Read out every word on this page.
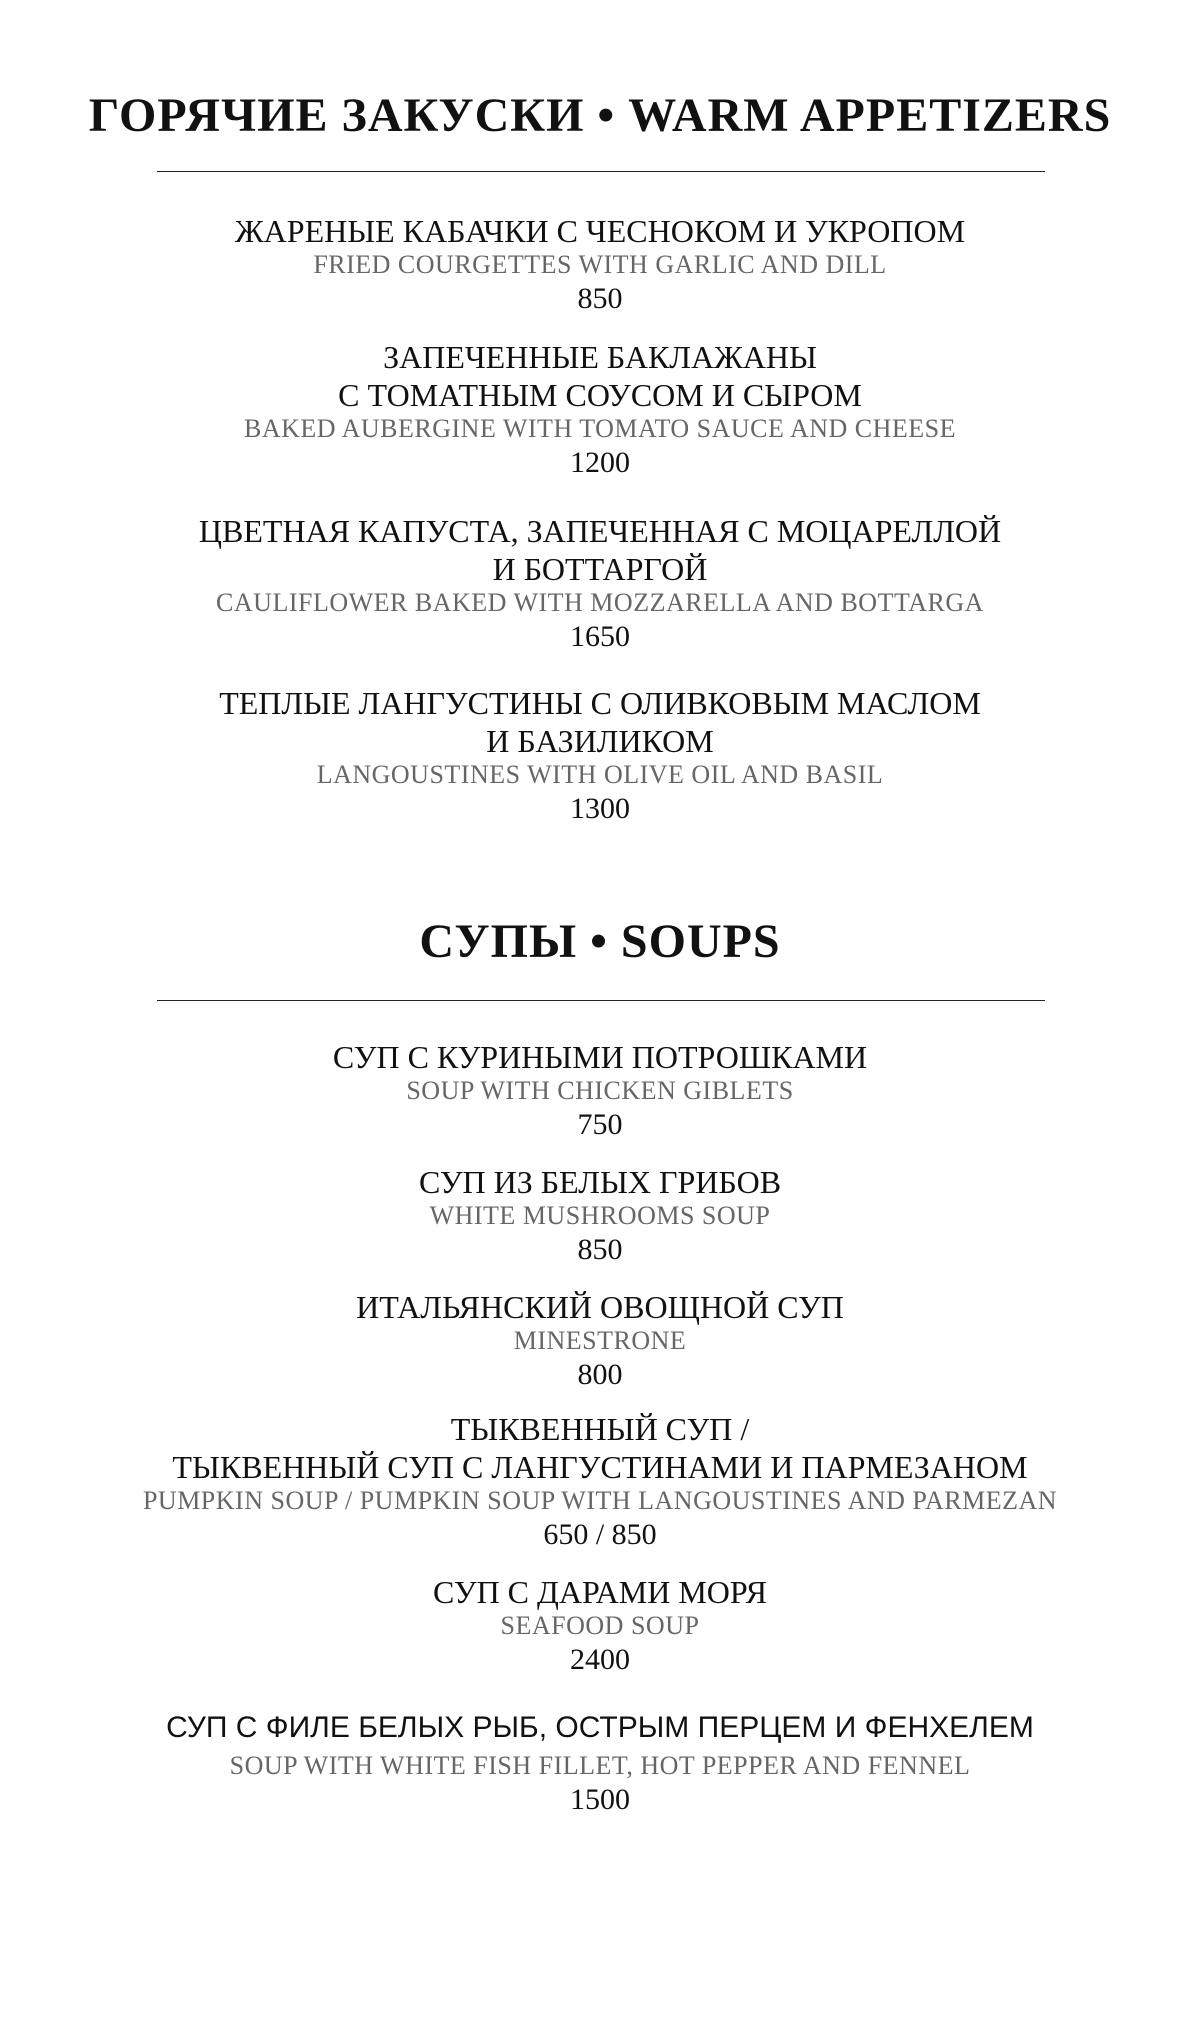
ГОРЯЧИЕ ЗАКУСКИ • WARM APPETIZERS
ЖАРЕНЫЕ КАБАЧКИ С ЧЕСНОКОМ И УКРОПОМ
FRIED COURGETTES WITH GARLIC AND DILL
850
ЗАПЕЧЕННЫЕ БАКЛАЖАНЫ
С ТОМАТНЫМ СОУСОМ И СЫРОМ
BAKED AUBERGINE WITH TOMATO SAUCE AND CHEESE
1200
ЦВЕТНАЯ КАПУСТА, ЗАПЕЧЕННАЯ С МОЦАРЕЛЛОЙ
И БОТТАРГОЙ
CAULIFLOWER BAKED WITH MOZZARELLA AND BOTTARGA
1650
ТЕПЛЫЕ ЛАНГУСТИНЫ С ОЛИВКОВЫМ МАСЛОМ
И БАЗИЛИКОМ
LANGOUSTINES WITH OLIVE OIL AND BASIL
1300
СУПЫ • SOUPS
СУП С КУРИНЫМИ ПОТРОШКАМИ
SOUP WITH CHICKEN GIBLETS
750
СУП ИЗ БЕЛЫХ ГРИБОВ
WHITE MUSHROOMS SOUP
850
ИТАЛЬЯНСКИЙ ОВОЩНОЙ СУП
MINESTRONE
800
ТЫКВЕННЫЙ СУП /
ТЫКВЕННЫЙ СУП С ЛАНГУСТИНАМИ И ПАРМЕЗАНОМ
PUMPKIN SOUP / PUMPKIN SOUP WITH LANGOUSTINES AND PARMEZAN
650 / 850
СУП С ДАРАМИ МОРЯ
SEAFOOD SOUP
2400
СУП С ФИЛЕ БЕЛЫХ РЫБ, ОСТРЫМ ПЕРЦЕМ И ФЕНХЕЛЕМ
SOUP WITH WHITE FISH FILLET, HOT PEPPER AND FENNEL
1500
